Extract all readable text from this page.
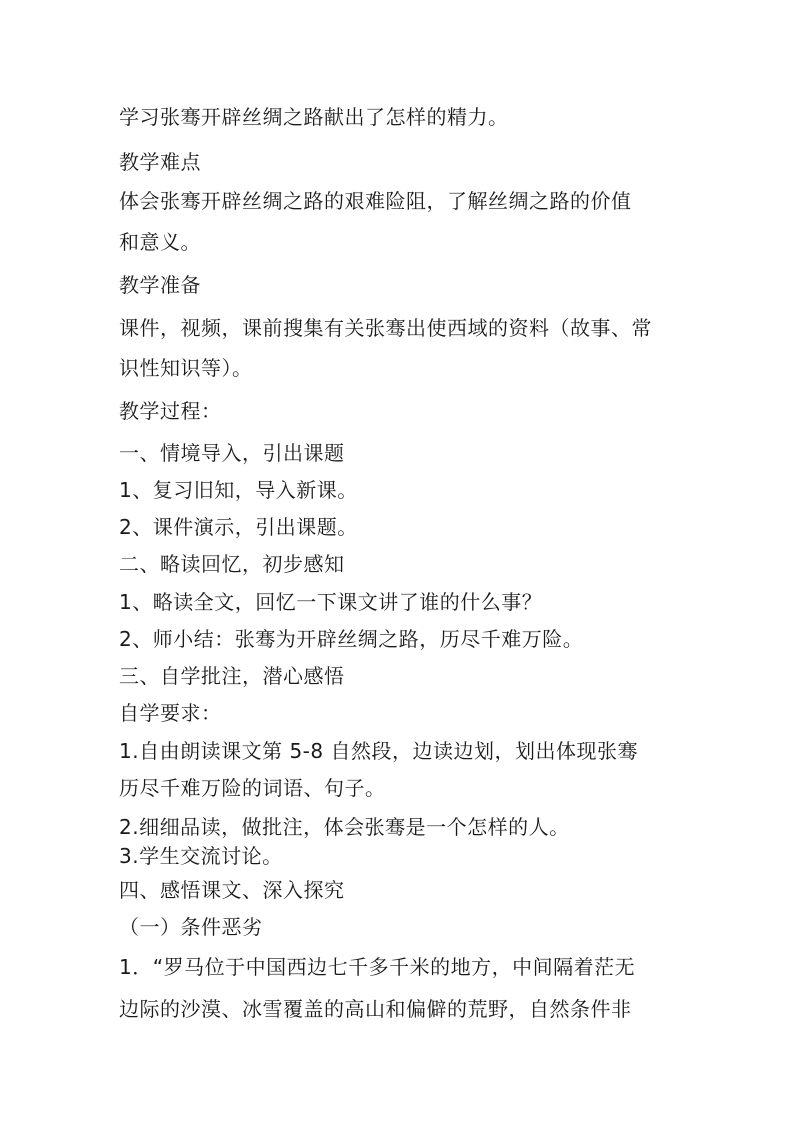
学习张骞开辟丝绸之路献出了怎样的精力。
教学难点
体会张骞开辟丝绸之路的艰难险阻，了解丝绸之路的价值
和意义。
教学准备
课件，视频，课前搜集有关张骞出使西域的资料（故事、常
识性知识等）。
教学过程：
一、情境导入，引出课题
1、复习旧知，导入新课。
2、课件演示，引出课题。
二、略读回忆，初步感知
1、略读全文，回忆一下课文讲了谁的什么事？
2、师小结：张骞为开辟丝绸之路，历尽千难万险。
三、自学批注，潜心感悟
自学要求：
1.自由朗读课文第 5-8 自然段，边读边划，划出体现张骞
历尽千难万险的词语、句子。
2.细细品读，做批注，体会张骞是一个怎样的人。
3.学生交流讨论。
四、感悟课文、深入探究
（一）条件恶劣
1．“罗马位于中国西边七千多千米的地方，中间隔着茫无
边际的沙漠、冰雪覆盖的高山和偏僻的荒野，自然条件非
